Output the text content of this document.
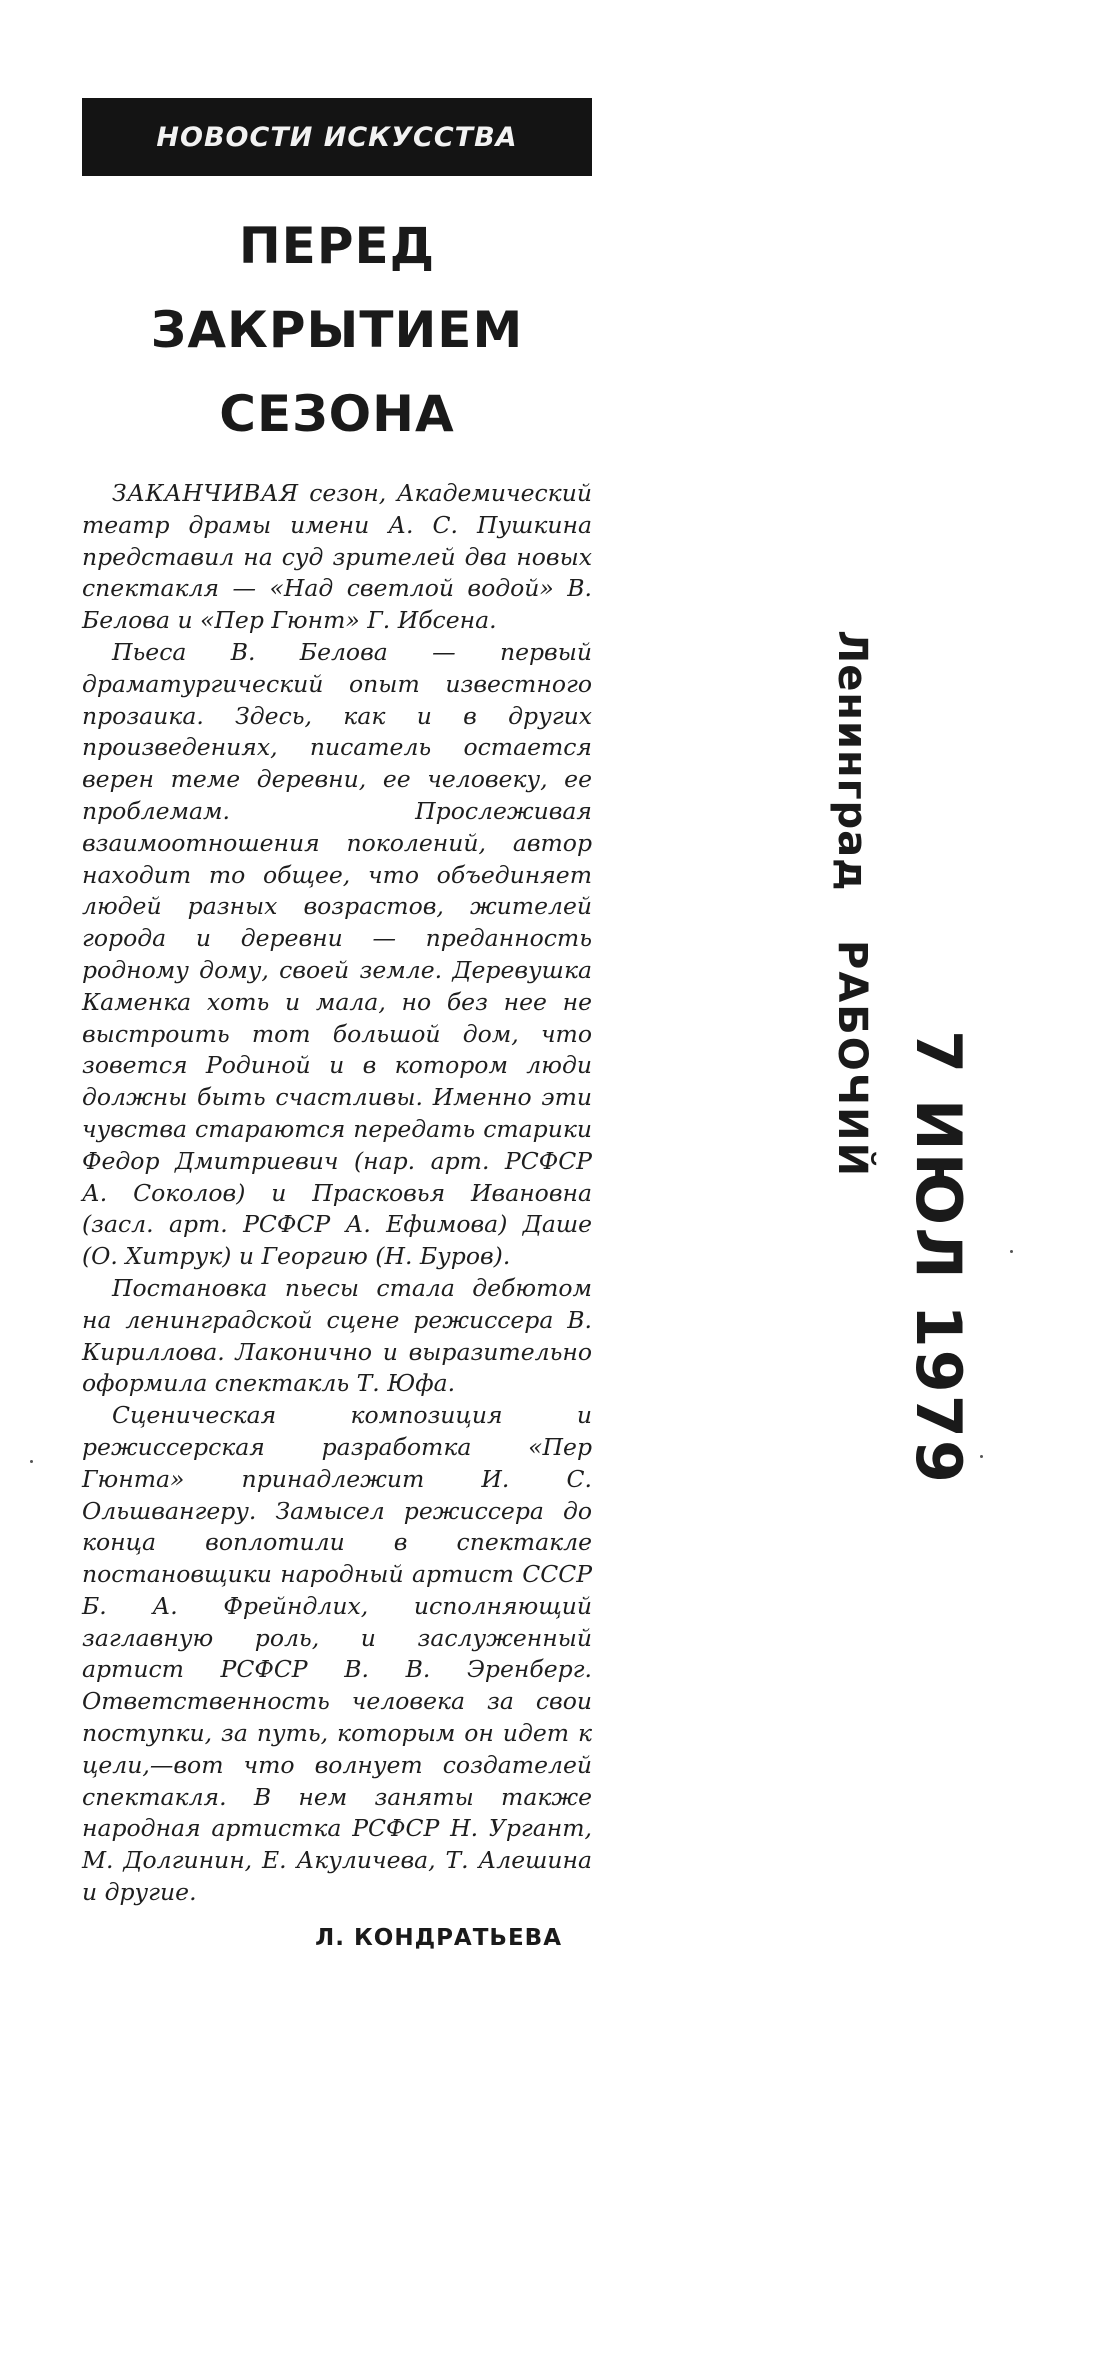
НОВОСТИ ИСКУССТВА
ПЕРЕД ЗАКРЫТИЕМ
СЕЗОНА

ЗАКАНЧИВАЯ сезон, Академический театр драмы имени А. С. Пушкина представил на суд зрителей два новых спектакля — «Над светлой водой» В. Белова и «Пер Гюнт» Г. Ибсена.

Пьеса В. Белова — первый драматургический опыт известного прозаика. Здесь, как и в других произведениях, писатель остается верен теме деревни, ее человеку, ее проблемам. Прослеживая взаимоотношения поколений, автор находит то общее, что объединяет людей разных возрастов, жителей города и деревни — преданность родному дому, своей земле. Деревушка Каменка хоть и мала, но без нее не выстроить тот большой дом, что зовется Родиной и в котором люди должны быть счастливы. Именно эти чувства стараются передать старики Федор Дмитриевич (нар. арт. РСФСР А. Соколов) и Прасковья Ивановна (засл. арт. РСФСР А. Ефимова) Даше (О. Хитрук) и Георгию (Н. Буров).

Постановка пьесы стала дебютом на ленинградской сцене режиссера В. Кириллова. Лаконично и выразительно оформила спектакль Т. Юфа.

Сценическая композиция и режиссерская разработка «Пер Гюнта» принадлежит И. С. Ольшвангеру. Замысел режиссера до конца воплотили в спектакле постановщики народный артист СССР Б. А. Фрейндлих, исполняющий заглавную роль, и заслуженный артист РСФСР В. В. Эренберг. Ответственность человека за свои поступки, за путь, которым он идет к цели,—вот что волнует создателей спектакля. В нем заняты также народная артистка РСФСР Н. Ургант, М. Долгинин, Е. Акуличева, Т. Алешина и другие.

Л. КОНДРАТЬЕВА
Ленинград
РАБОЧИЙ 7 ИЮЛ 1979
